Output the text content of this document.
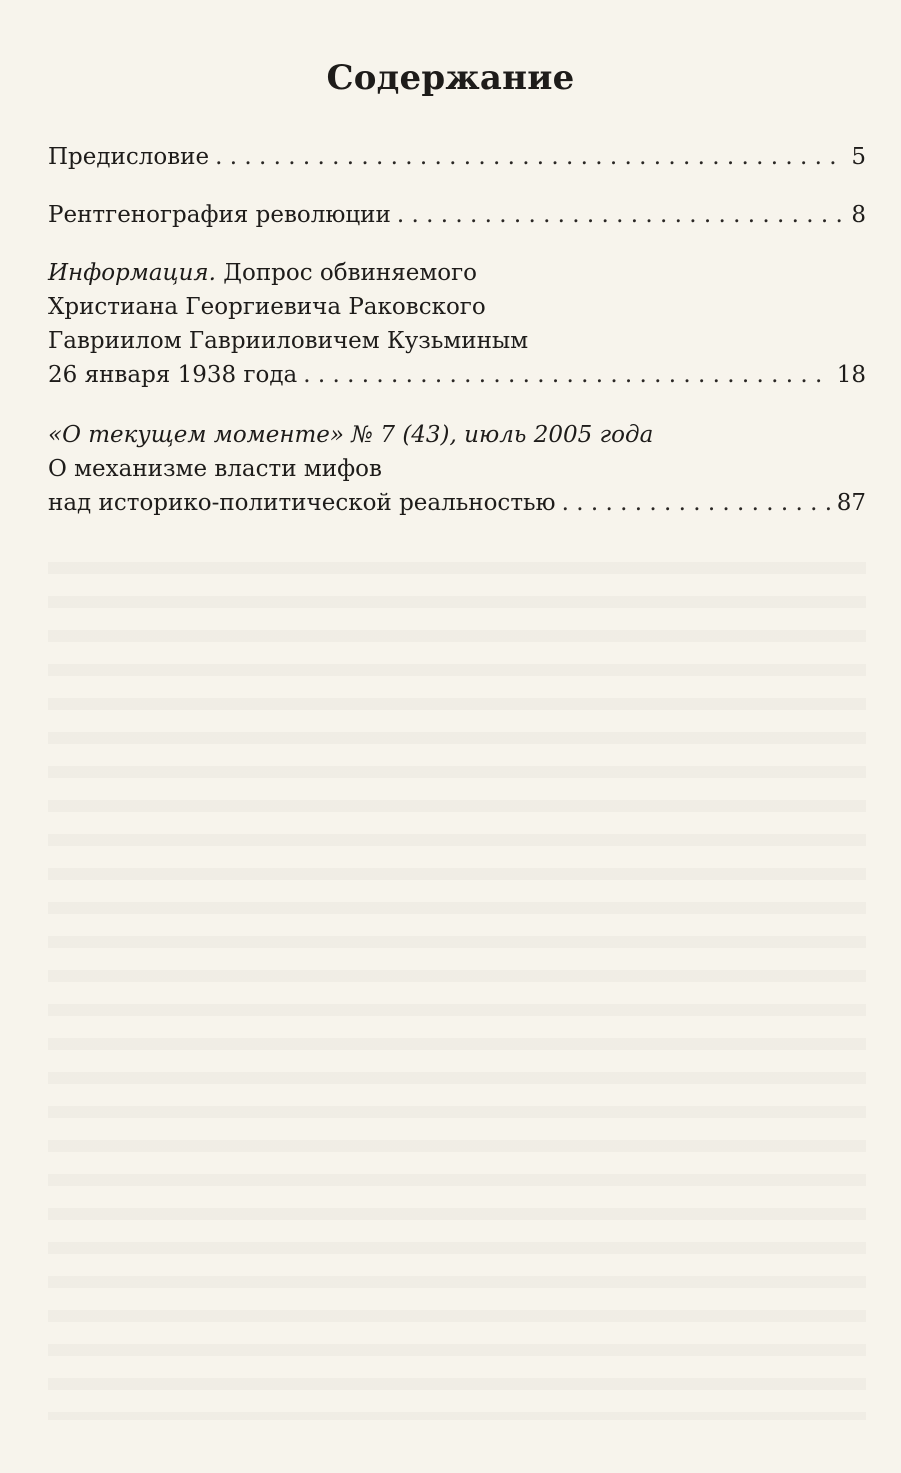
Содержание
Предисловие . . .	5
Рентгенография революции . . .	8
Информация. Допрос обвиняемого
Христиана Георгиевича Раковского
Гавриилом Гаврииловичем Кузьминым
26 января 1938 года . . .	18
«О текущем моменте» № 7 (43), июль 2005 года
О механизме власти мифов
над историко-политической реальностью . . .	87
